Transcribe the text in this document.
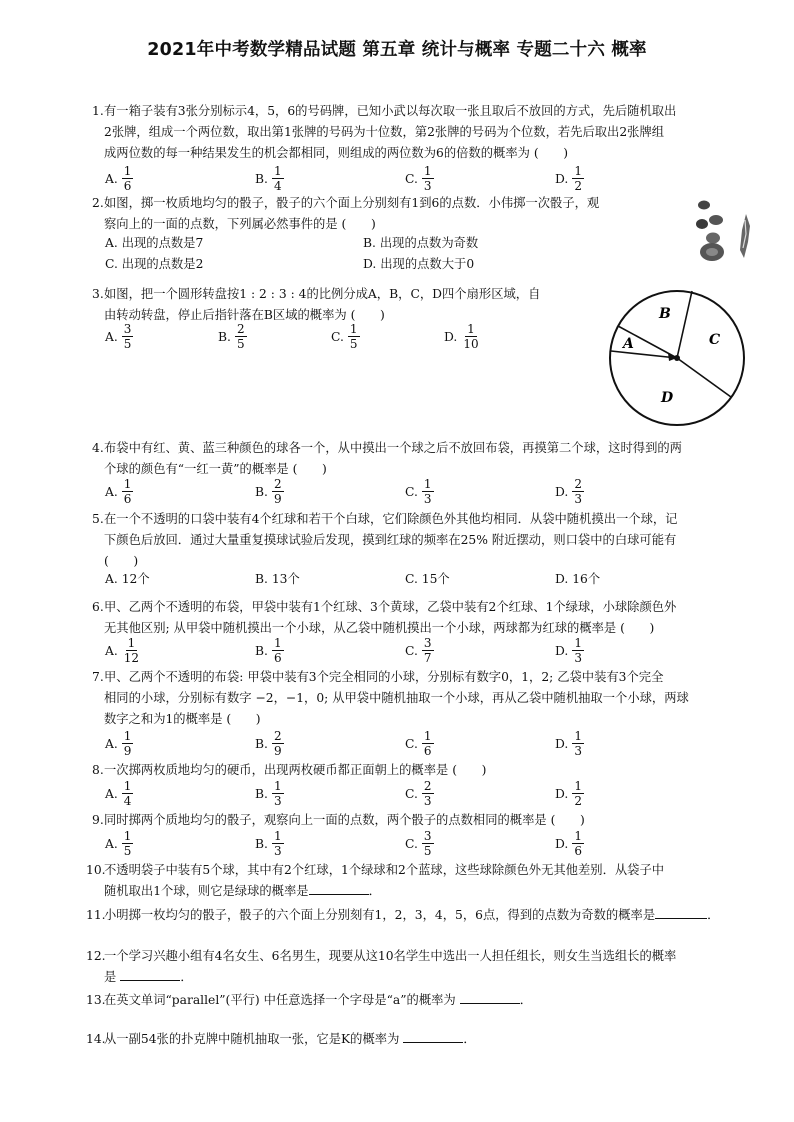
2021年中考数学精品试题 第五章 统计与概率 专题二十六 概率
1. 有一箱子装有3张分别标示4，5，6的号码牌，已知小武以每次取一张且取后不放回的方式，先后随机取出
2张牌，组成一个两位数，取出第1张牌的号码为十位数，第2张牌的号码为个位数，若先后取出2张牌组
成两位数的每一种结果发生的机会都相同，则组成的两位数为6的倍数的概率为 (　　)
A. $\frac{1}{6}$	B. $\frac{1}{4}$	C. $\frac{1}{3}$	D. $\frac{1}{2}$
2. 如图，掷一枚质地均匀的骰子，骰子的六个面上分别刻有1到6的点数．小伟掷一次骰子，观
察向上的一面的点数，下列属必然事件的是 (　　)
A. 出现的点数是7	B. 出现的点数为奇数
C. 出现的点数是2	D. 出现的点数大于0
3. 如图，把一个圆形转盘按1 : 2 : 3 : 4的比例分成A，B，C，D四个扇形区域，自
由转动转盘，停止后指针落在B区域的概率为 (　　)
A. $\frac{3}{5}$	B. $\frac{2}{5}$	C. $\frac{1}{5}$	D. $\frac{1}{10}$	A
B
C
D
4. 布袋中有红、黄、蓝三种颜色的球各一个，从中摸出一个球之后不放回布袋，再摸第二个球，这时得到的两
个球的颜色有“一红一黄”的概率是 (　　)
A. $\frac{1}{6}$	B. $\frac{2}{9}$	C. $\frac{1}{3}$	D. $\frac{2}{3}$
5. 在一个不透明的口袋中装有4个红球和若干个白球，它们除颜色外其他均相同．从袋中随机摸出一个球，记
下颜色后放回．通过大量重复摸球试验后发现，摸到红球的频率在25% 附近摆动，则口袋中的白球可能有
(　　)
A. 12个	B. 13个	C. 15个	D. 16个
6. 甲、乙两个不透明的布袋，甲袋中装有1个红球、3个黄球，乙袋中装有2个红球、1个绿球，小球除颜色外
无其他区别; 从甲袋中随机摸出一个小球，从乙袋中随机摸出一个小球，两球都为红球的概率是 (　　)
A. $\frac{1}{12}$	B. $\frac{1}{6}$	C. $\frac{3}{7}$	D. $\frac{1}{3}$
7. 甲、乙两个不透明的布袋: 甲袋中装有3个完全相同的小球，分别标有数字0，1，2; 乙袋中装有3个完全
相同的小球，分别标有数字 −2，−1，0; 从甲袋中随机抽取一个小球，再从乙袋中随机抽取一个小球，两球
数字之和为1的概率是 (　　)
A. $\frac{1}{9}$	B. $\frac{2}{9}$	C. $\frac{1}{6}$	D. $\frac{1}{3}$
8. 一次掷两枚质地均匀的硬币，出现两枚硬币都正面朝上的概率是 (　　)
A. $\frac{1}{4}$	B. $\frac{1}{3}$	C. $\frac{2}{3}$	D. $\frac{1}{2}$
9. 同时掷两个质地均匀的骰子，观察向上一面的点数，两个骰子的点数相同的概率是 (　　)
A. $\frac{1}{5}$	B. $\frac{1}{3}$	C. $\frac{3}{5}$	D. $\frac{1}{6}$
10.
不透明袋子中装有5个球，其中有2个红球，1个绿球和2个蓝球，这些球除颜色外无其他差别．从袋子中
随机取出1个球，则它是绿球的概率是	．
11.
小明掷一枚均匀的骰子，骰子的六个面上分别刻有1，2，3，4，5，6点，得到的点数为奇数的概率是	．
12.
一个学习兴趣小组有4名女生、6名男生，现要从这10名学生中选出一人担任组长，则女生当选组长的概率
是	．
13.
在英文单词“parallel”(平行) 中任意选择一个字母是“a”的概率为	．
14.
从一副54张的扑克牌中随机抽取一张，它是K的概率为	．
